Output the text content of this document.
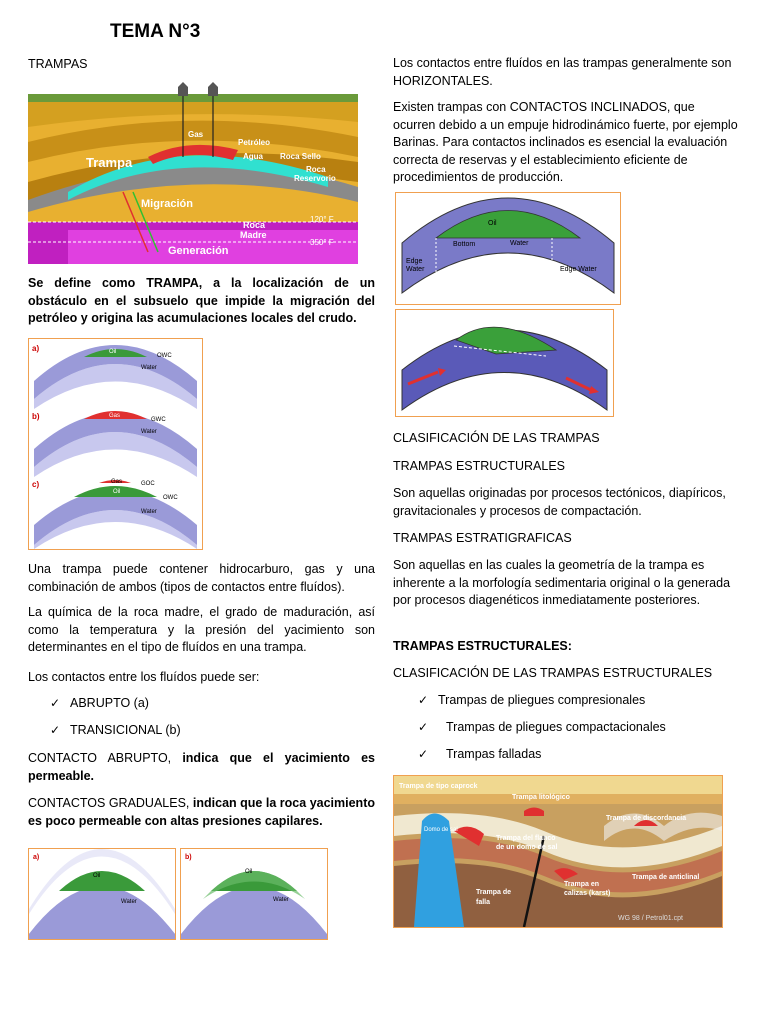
TEMA N°3
TRAMPAS
Gas
Petróleo
Agua Roca Sello
Roca
Reservorio
Trampa
Migración
Roca
Madre
Generación
120° F
350° F

Se define como TRAMPA, a la localización de un obstáculo en el subsuelo que impide la migración del petróleo y origina las acumulaciones locales del crudo.

a)	Oil
OWC
Water
b)	Gas
GWC
Water
c)	Gas
Oil
GOC
OWC
Water

Una trampa puede contener hidrocarburo, gas y una combinación de ambos (tipos de contactos entre fluídos).

La química de la roca madre, el grado de maduración, así como la temperatura y la presión del yacimiento son determinantes en el tipo de fluídos en una trampa.

Los contactos entre los fluídos puede ser:

✓ ABRUPTO (a)
✓ TRANSICIONAL (b)

CONTACTO ABRUPTO, indica que el yacimiento es permeable.

CONTACTOS GRADUALES, indican que la roca yacimiento es poco permeable con altas presiones capilares.

a)
Oil
Water
b)
Oil
Water

Los contactos entre fluídos en las trampas generalmente son HORIZONTALES.

Existen trampas con CONTACTOS INCLINADOS, que ocurren debido a un empuje hidrodinámico fuerte, por ejemplo Barinas. Para contactos inclinados es esencial la evaluación correcta de reservas y el establecimiento eficiente de procedimientos de producción.

Oil
Bottom	Water
Edge
Water	Edge Water

CLASIFICACIÓN DE LAS TRAMPAS

TRAMPAS ESTRUCTURALES

Son aquellas originadas por procesos tectónicos, diapíricos, gravitacionales y procesos de compactación.

TRAMPAS ESTRATIGRAFICAS

Son aquellas en las cuales la geometría de la trampa es inherente a la morfología sedimentaria original o la generada por procesos diagenéticos inmediatamente posteriores.

TRAMPAS ESTRUCTURALES:

CLASIFICACIÓN DE LAS TRAMPAS ESTRUCTURALES

✓ Trampas de pliegues compresionales
✓	Trampas de pliegues compactacionales
✓	Trampas falladas
Trampa de tipo caprock
Trampa litológico
Trampa de discordancia
Domo de sal
Trampa del flanco
de un domo de sal
Trampa de anticlinal
Trampa en
calizas (karst)
Trampa de
falla
WG 98 / Petrol01.cpt
